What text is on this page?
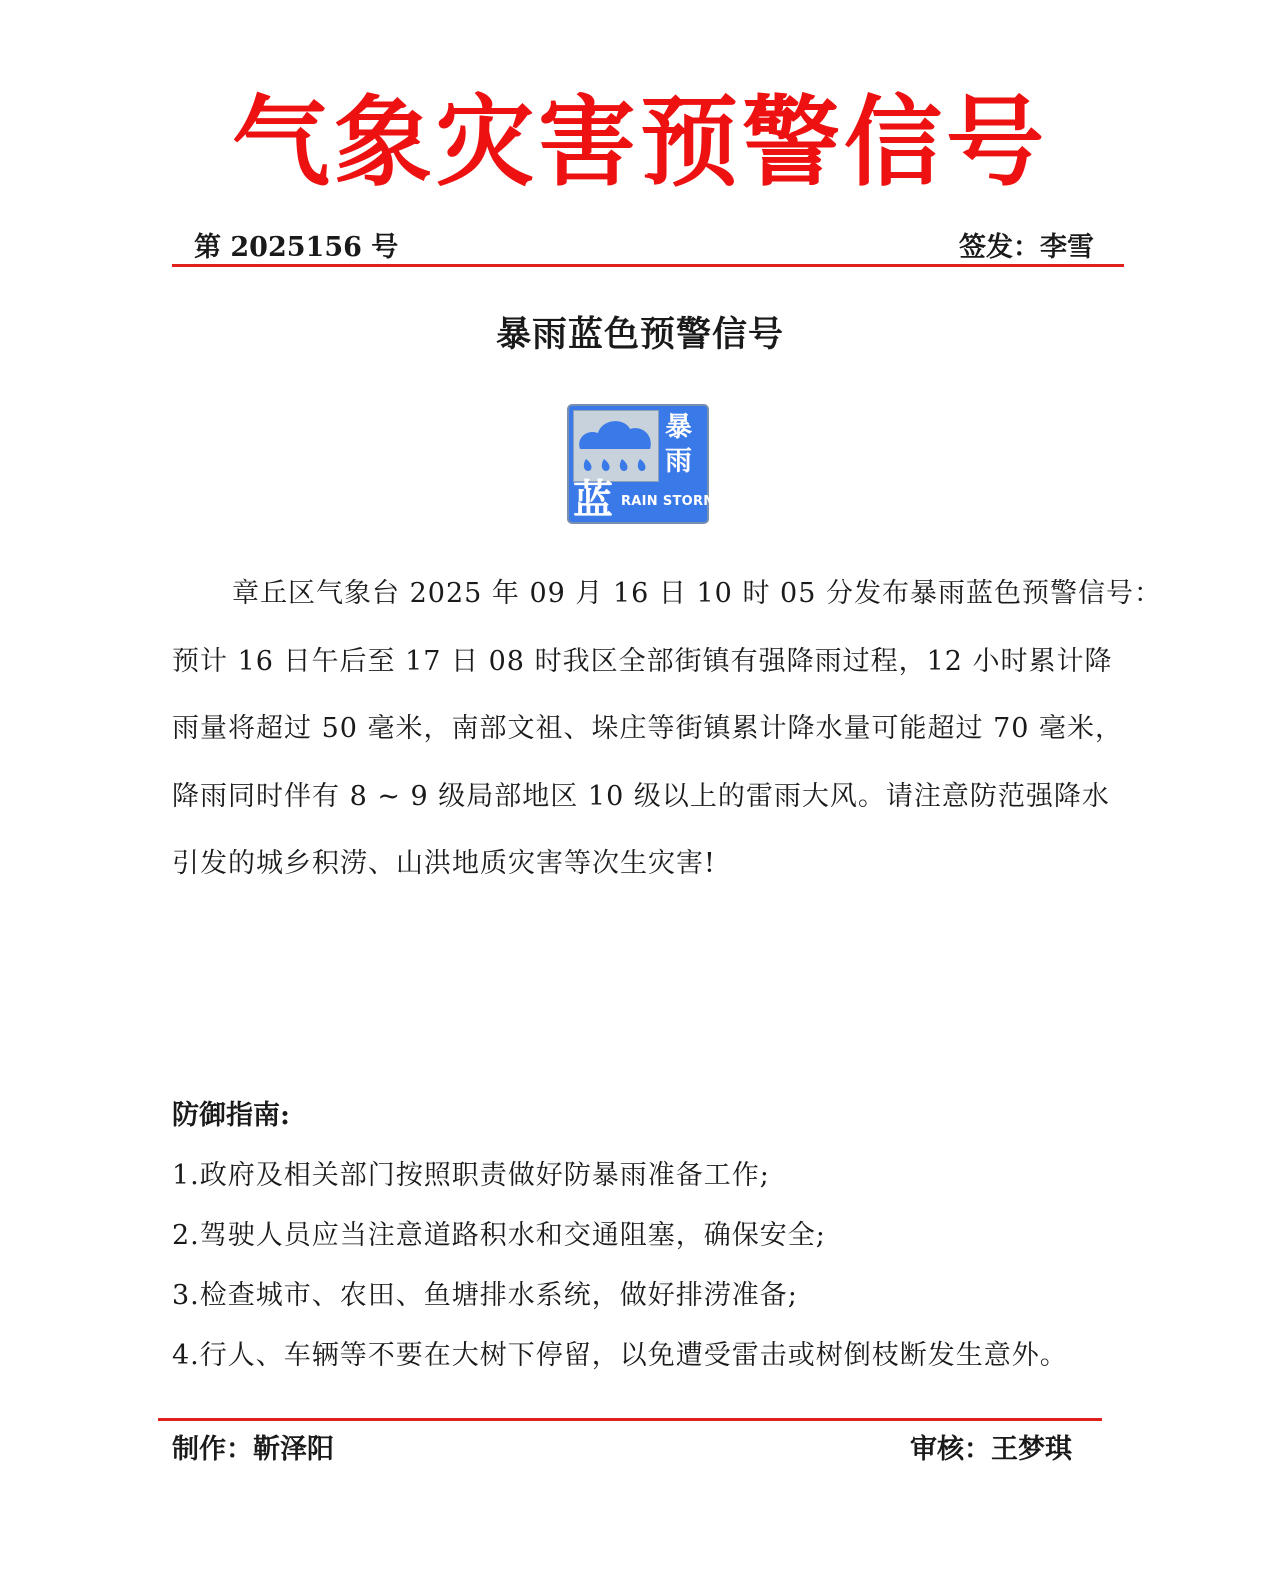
气象灾害预警信号
第 2025156 号	签发：李雪
暴雨蓝色预警信号
暴
雨
蓝 RAIN STORM
章丘区气象台 2025 年 09 月 16 日 10 时 05 分发布暴雨蓝色预警信号：
预计 16 日午后至 17 日 08 时我区全部街镇有强降雨过程，12 小时累计降
雨量将超过 50 毫米，南部文祖、垛庄等街镇累计降水量可能超过 70 毫米，
降雨同时伴有 8 ~ 9 级局部地区 10 级以上的雷雨大风。请注意防范强降水
引发的城乡积涝、山洪地质灾害等次生灾害!
防御指南:
1.政府及相关部门按照职责做好防暴雨准备工作;
2.驾驶人员应当注意道路积水和交通阻塞，确保安全;
3.检查城市、农田、鱼塘排水系统，做好排涝准备;
4.行人、车辆等不要在大树下停留，以免遭受雷击或树倒枝断发生意外。
制作：靳泽阳	审核：王梦琪
